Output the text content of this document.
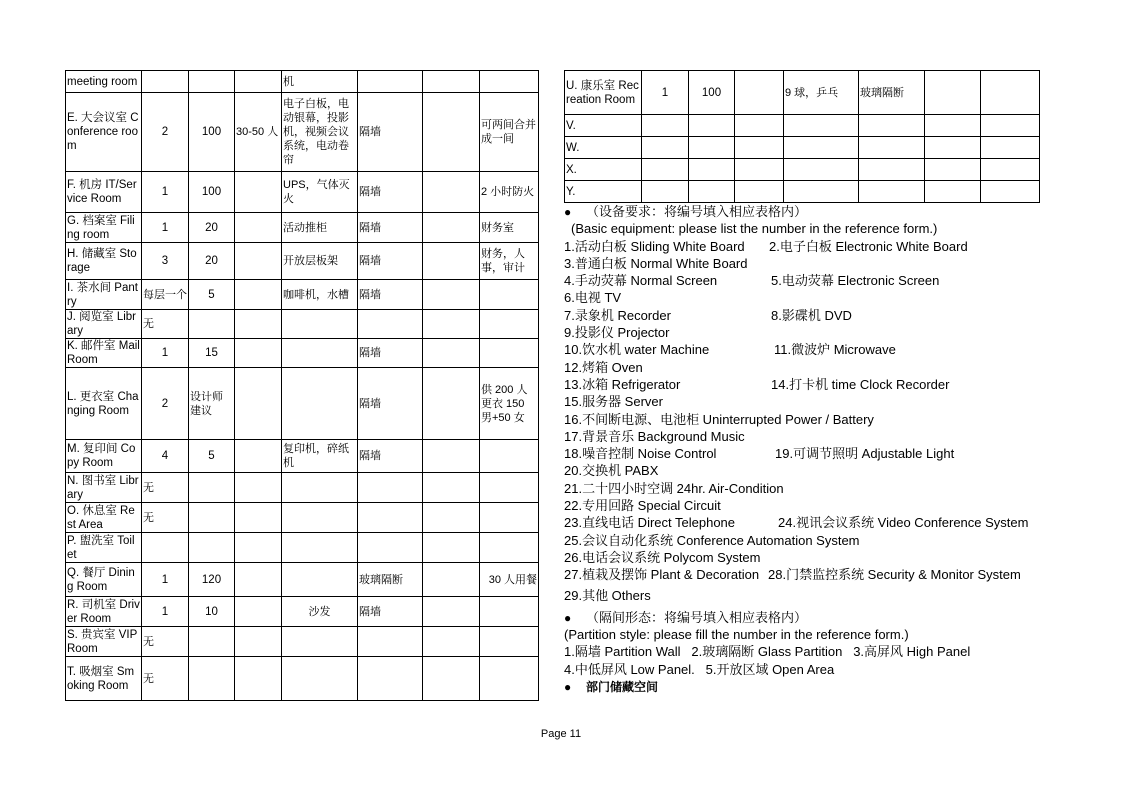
meeting room				机			
E. 大会议室 Conference room	2	100	30-50 人	电子白板，电动银幕，投影机，视频会议系统，电动卷帘	隔墙		可两间合并成一间
F. 机房 IT/Service Room	1	100		UPS，气体灭火	隔墙		2 小时防火
G. 档案室 Filing room	1	20		活动推柜	隔墙		财务室
H. 储藏室 Storage	3	20		开放层板架	隔墙		财务，人事，审计
I. 茶水间 Pantry	每层一个	5		咖啡机，水槽	隔墙		
J. 阅览室 Library	无						
K. 邮件室 Mail Room	1	15			隔墙		
L. 更衣室 Changing Room	2	设计师建议			隔墙		供 200 人更衣 150 男+50 女
M. 复印间 Copy Room	4	5		复印机，碎纸机	隔墙		
N. 图书室 Library	无						
O. 休息室 Rest Area	无						
P. 盥洗室 Toilet							
Q. 餐厅 Dining Room	1	120			玻璃隔断		30 人用餐
R. 司机室 Driver Room	1	10		沙发	隔墙		
S. 贵宾室 VIP Room	无						
T. 吸烟室 Smoking Room	无						
U. 康乐室 Recreation Room	1	100		9 球，乒乓	玻璃隔断		
V.							
W.							
X.							
Y.							
● （设备要求：将编号填入相应表格内）
(Basic equipment: please list the number in the reference form.)
1.活动白板 Sliding White Board 2.电子白板 Electronic White Board
3.普通白板 Normal White Board
4.手动荧幕 Normal Screen	5.电动荧幕 Electronic Screen
6.电视 TV
7.录象机 Recorder	8.影碟机 DVD
9.投影仪 Projector
10.饮水机 water Machine	11.微波炉 Microwave
12.烤箱 Oven
13.冰箱 Refrigerator	14.打卡机 time Clock Recorder
15.服务器 Server
16.不间断电源、电池柜 Uninterrupted Power / Battery
17.背景音乐 Background Music
18.噪音控制 Noise Control	19.可调节照明 Adjustable Light
20.交换机 PABX
21.二十四小时空调 24hr. Air-Condition
22.专用回路 Special Circuit
23.直线电话 Direct Telephone	24.视讯会议系统 Video Conference System
25.会议自动化系统 Conference Automation System
26.电话会议系统 Polycom System
27.植栽及摆饰 Plant & Decoration 28.门禁监控系统 Security & Monitor System
29.其他 Others
● （隔间形态：将编号填入相应表格内）
(Partition style: please fill the number in the reference form.)
1.隔墙 Partition Wall   2.玻璃隔断 Glass Partition   3.高屏风 High Panel
4.中低屏风 Low Panel.   5.开放区域 Open Area
● 部门储藏空间
Page 11
